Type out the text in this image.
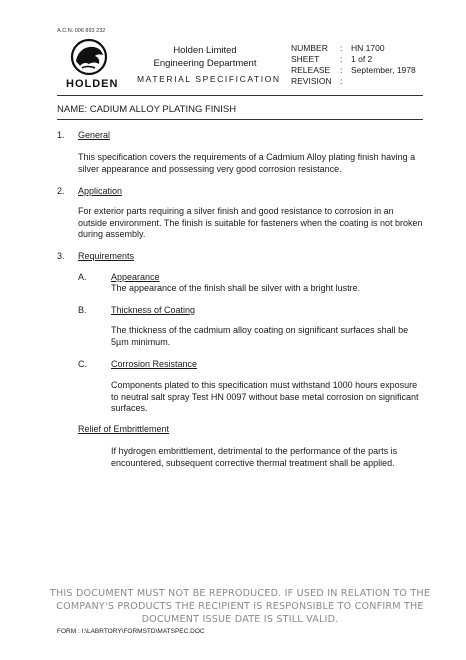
A.C.N. 006 893 232
HOLDEN
Holden Limited
Engineering Department
MATERIAL SPECIFICATION
NUMBER	:	HN 1700
SHEET	:	1 of 2
RELEASE	:	September, 1978
REVISION :
NAME: CADIUM ALLOY PLATING FINISH
1. General
This specification covers the requirements of a Cadmium Alloy plating finish having a silver appearance and possessing very good corrosion resistance.
2. Application
For exterior parts requiring a silver finish and good resistance to corrosion in an outside environment. The finish is suitable for fasteners when the coating is not broken during assembly.
3. Requirements
A.	Appearance
The appearance of the finish shall be silver with a bright lustre.
B.	Thickness of Coating
The thickness of the cadmium alloy coating on significant surfaces shall be 5µm minimum.
C.	Corrosion Resistance
Components plated to this specification must withstand 1000 hours exposure to neutral salt spray Test HN 0097 without base metal corrosion on significant surfaces.
Relief of Embrittlement
If hydrogen embrittlement, detrimental to the performance of the parts is encountered, subsequent corrective thermal treatment shall be applied.
THIS DOCUMENT MUST NOT BE REPRODUCED. IF USED IN RELATION TO THE COMPANY'S PRODUCTS THE RECIPIENT IS RESPONSIBLE TO CONFIRM THE DOCUMENT ISSUE DATE IS STILL VALID.
FORM : I:\LABRTORY\FORMSTD\MATSPEC.DOC
